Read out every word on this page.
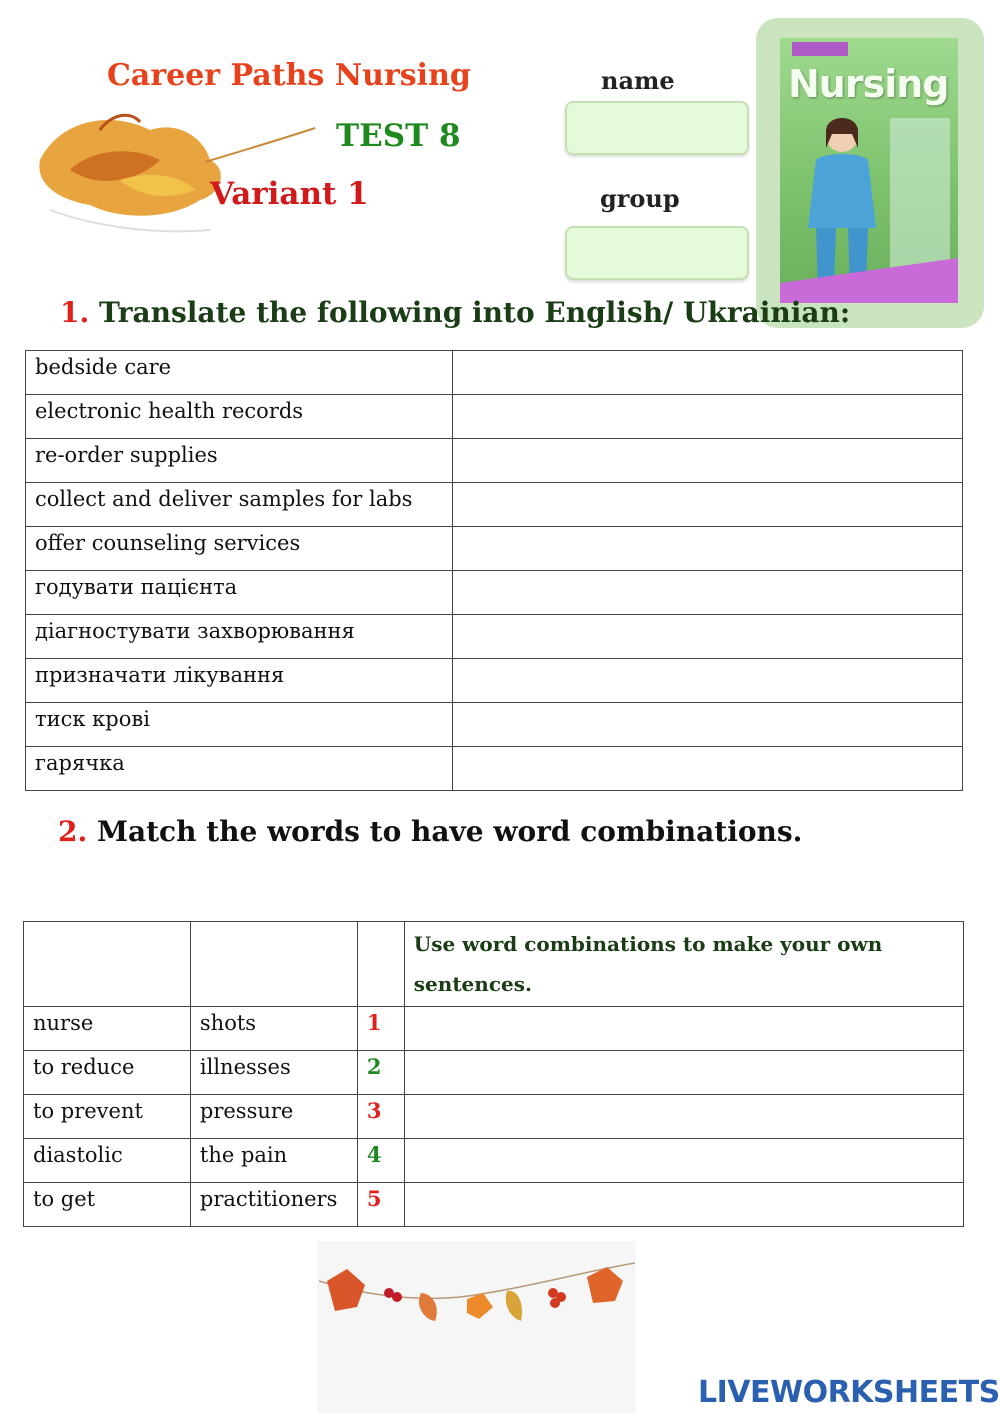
Career Paths Nursing
TEST 8
Variant 1
name
group
Nursing
1. Translate the following into English/ Ukrainian:
bedside care	
electronic health records	
re-order supplies	
collect and deliver samples for labs	
offer counseling services	
годувати пацієнта	
діагностувати захворювання	
призначати лікування	
тиск крові	
гарячка	
2. Match the words to have word combinations.
			Use word combinations to make your own sentences.
nurse	shots	1	
to reduce	illnesses	2	
to prevent	pressure	3	
diastolic	the pain	4	
to get	practitioners	5	
LIVEWORKSHEETS
